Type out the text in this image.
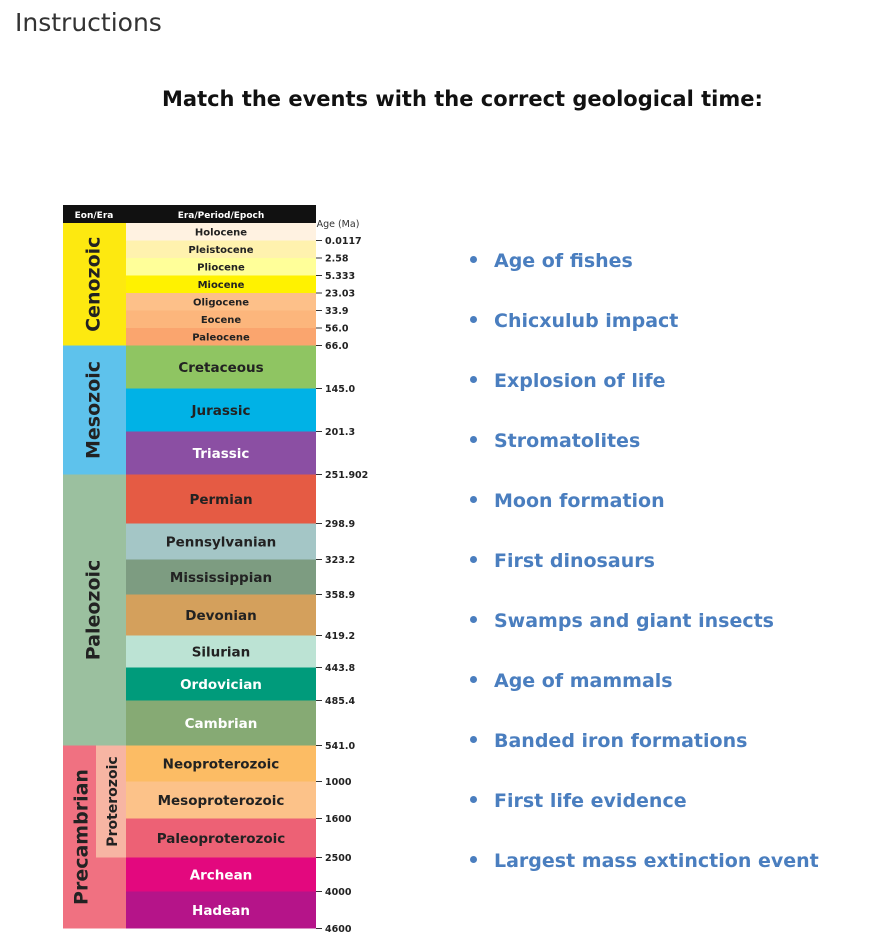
Instructions
Match the events with the correct geological time:
Eon/Era	Era/Period/Epoch
Age (Ma)
Holocene
Pleistocene
Pliocene
Miocene
Oligocene
Eocene
Paleocene
Cretaceous
Jurassic
Triassic
Permian
Pennsylvanian
Mississippian
Devonian
Silurian
Ordovician
Cambrian
Neoproterozoic
Mesoproterozoic
Paleoproterozoic
Archean
Hadean
Cenozoic
Mesozoic
Paleozoic
Precambrian Proterozoic
0.0117
2.58
5.333
23.03
33.9
56.0
66.0
145.0
201.3
251.902
298.9
323.2
358.9
419.2
443.8
485.4
541.0
1000
1600
2500
4000
4600
Age of fishes
Chicxulub impact
Explosion of life
Stromatolites
Moon formation
First dinosaurs
Swamps and giant insects
Age of mammals
Banded iron formations
First life evidence
Largest mass extinction event
